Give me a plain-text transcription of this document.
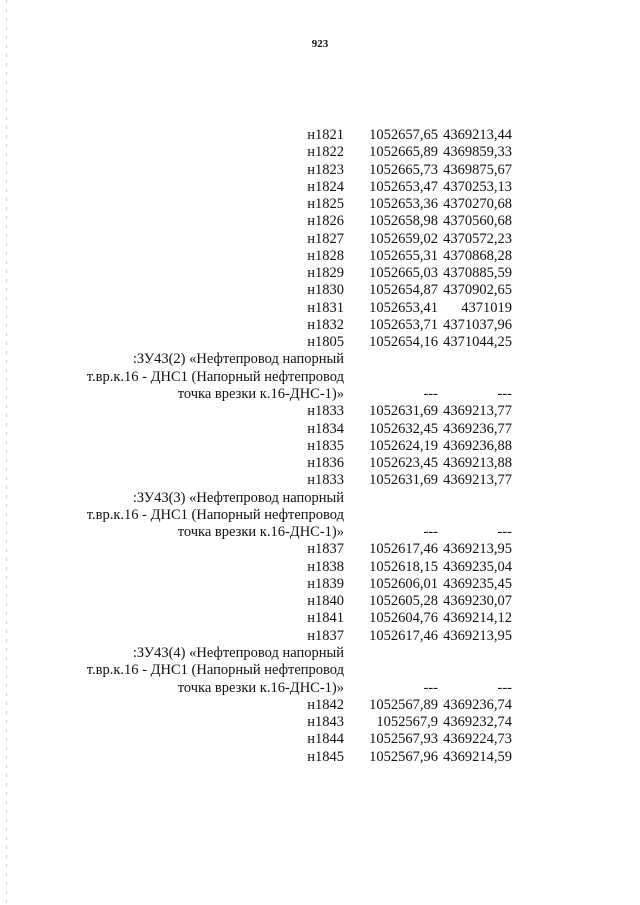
923
н1821 1052657,65 4369213,44
н1822 1052665,89 4369859,33
н1823 1052665,73 4369875,67
н1824 1052653,47 4370253,13
н1825 1052653,36 4370270,68
н1826 1052658,98 4370560,68
н1827 1052659,02 4370572,23
н1828 1052655,31 4370868,28
н1829 1052665,03 4370885,59
н1830 1052654,87 4370902,65
н1831 1052653,41 4371019
н1832 1052653,71 4371037,96
н1805 1052654,16 4371044,25
:ЗУ43(2) «Нефтепровод напорный
т.вр.к.16 - ДНС1 (Напорный нефтепровод
точка врезки к.16-ДНС-1)»	---	---
н1833 1052631,69 4369213,77
н1834 1052632,45 4369236,77
н1835 1052624,19 4369236,88
н1836 1052623,45 4369213,88
н1833 1052631,69 4369213,77
:ЗУ43(3) «Нефтепровод напорный
т.вр.к.16 - ДНС1 (Напорный нефтепровод
точка врезки к.16-ДНС-1)»	---	---
н1837 1052617,46 4369213,95
н1838 1052618,15 4369235,04
н1839 1052606,01 4369235,45
н1840 1052605,28 4369230,07
н1841 1052604,76 4369214,12
н1837 1052617,46 4369213,95
:ЗУ43(4) «Нефтепровод напорный
т.вр.к.16 - ДНС1 (Напорный нефтепровод
точка врезки к.16-ДНС-1)»	---	---
н1842 1052567,89 4369236,74
н1843 1052567,9 4369232,74
н1844 1052567,93 4369224,73
н1845 1052567,96 4369214,59
